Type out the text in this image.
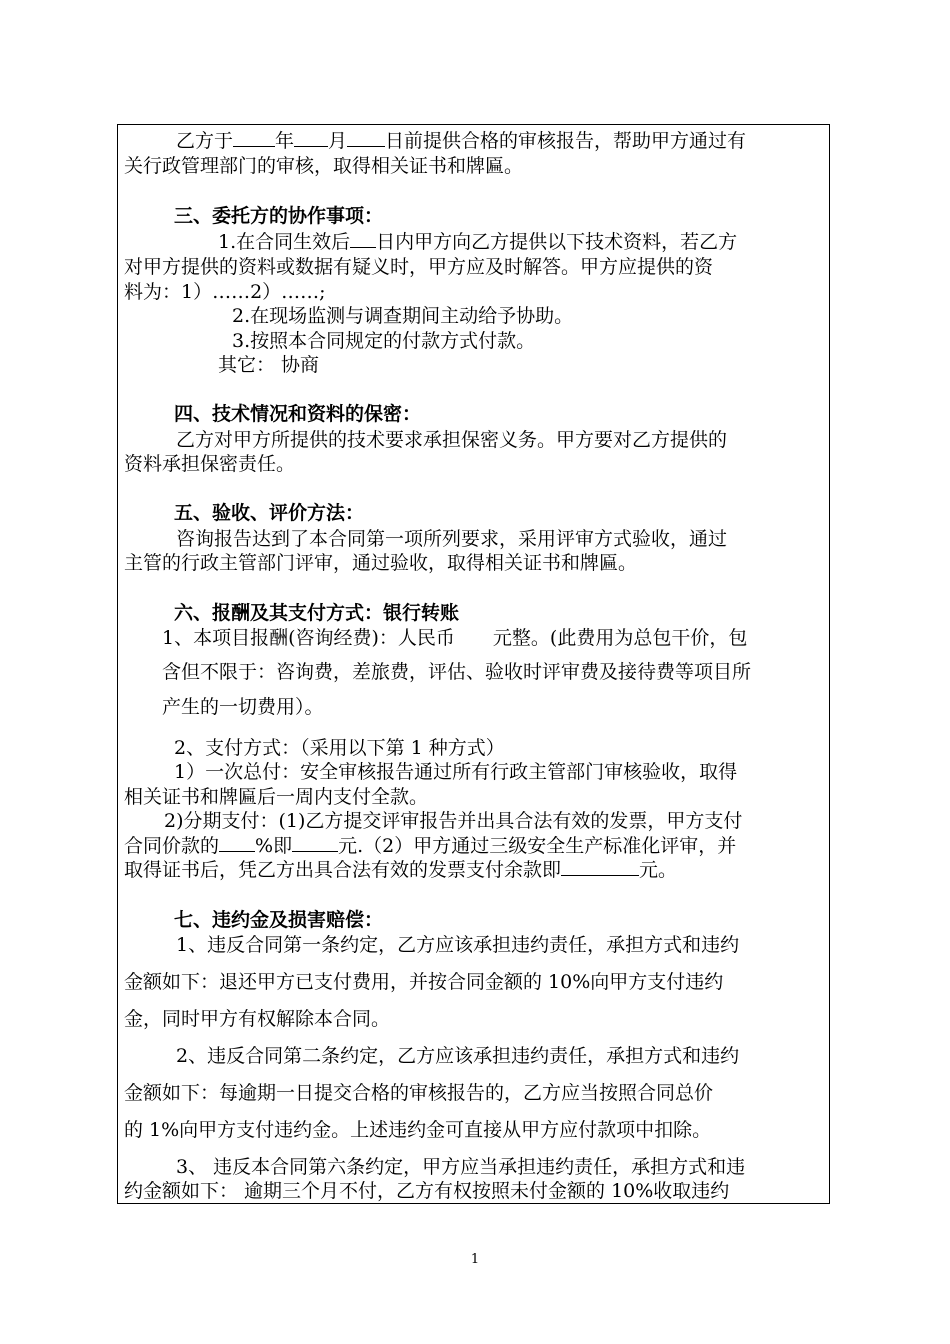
乙方于 年 月 日前提供合格的审核报告，帮助甲方通过有
关行政管理部门的审核，取得相关证书和牌匾。
三、委托方的协作事项：
1.在合同生效后 日内甲方向乙方提供以下技术资料，若乙方
对甲方提供的资料或数据有疑义时，甲方应及时解答。甲方应提供的资
料为：1）……2）……;
2.在现场监测与调查期间主动给予协助。
3.按照本合同规定的付款方式付款。
其它： 协商
四、技术情况和资料的保密：
乙方对甲方所提供的技术要求承担保密义务。甲方要对乙方提供的
资料承担保密责任。
五、验收、评价方法：
咨询报告达到了本合同第一项所列要求，采用评审方式验收，通过
主管的行政主管部门评审，通过验收，取得相关证书和牌匾。
六、报酬及其支付方式：银行转账
1、本项目报酬(咨询经费)：人民币 元整。(此费用为总包干价，包
含但不限于：咨询费，差旅费，评估、验收时评审费及接待费等项目所
产生的一切费用）。
2、支付方式：（采用以下第 1 种方式）
1）一次总付：安全审核报告通过所有行政主管部门审核验收，取得
相关证书和牌匾后一周内支付全款。
2)分期支付：(1)乙方提交评审报告并出具合法有效的发票，甲方支付
合同价款的 %即 元.（2）甲方通过三级安全生产标准化评审，并
取得证书后，凭乙方出具合法有效的发票支付余款即	元。
七、违约金及损害赔偿：
1、违反合同第一条约定，乙方应该承担违约责任，承担方式和违约
金额如下：退还甲方已支付费用，并按合同金额的 10%向甲方支付违约
金，同时甲方有权解除本合同。
2、违反合同第二条约定，乙方应该承担违约责任，承担方式和违约
金额如下：每逾期一日提交合格的审核报告的，乙方应当按照合同总价
的 1%向甲方支付违约金。上述违约金可直接从甲方应付款项中扣除。
3、 违反本合同第六条约定，甲方应当承担违约责任，承担方式和违
约金额如下： 逾期三个月不付，乙方有权按照未付金额的 10%收取违约
1
